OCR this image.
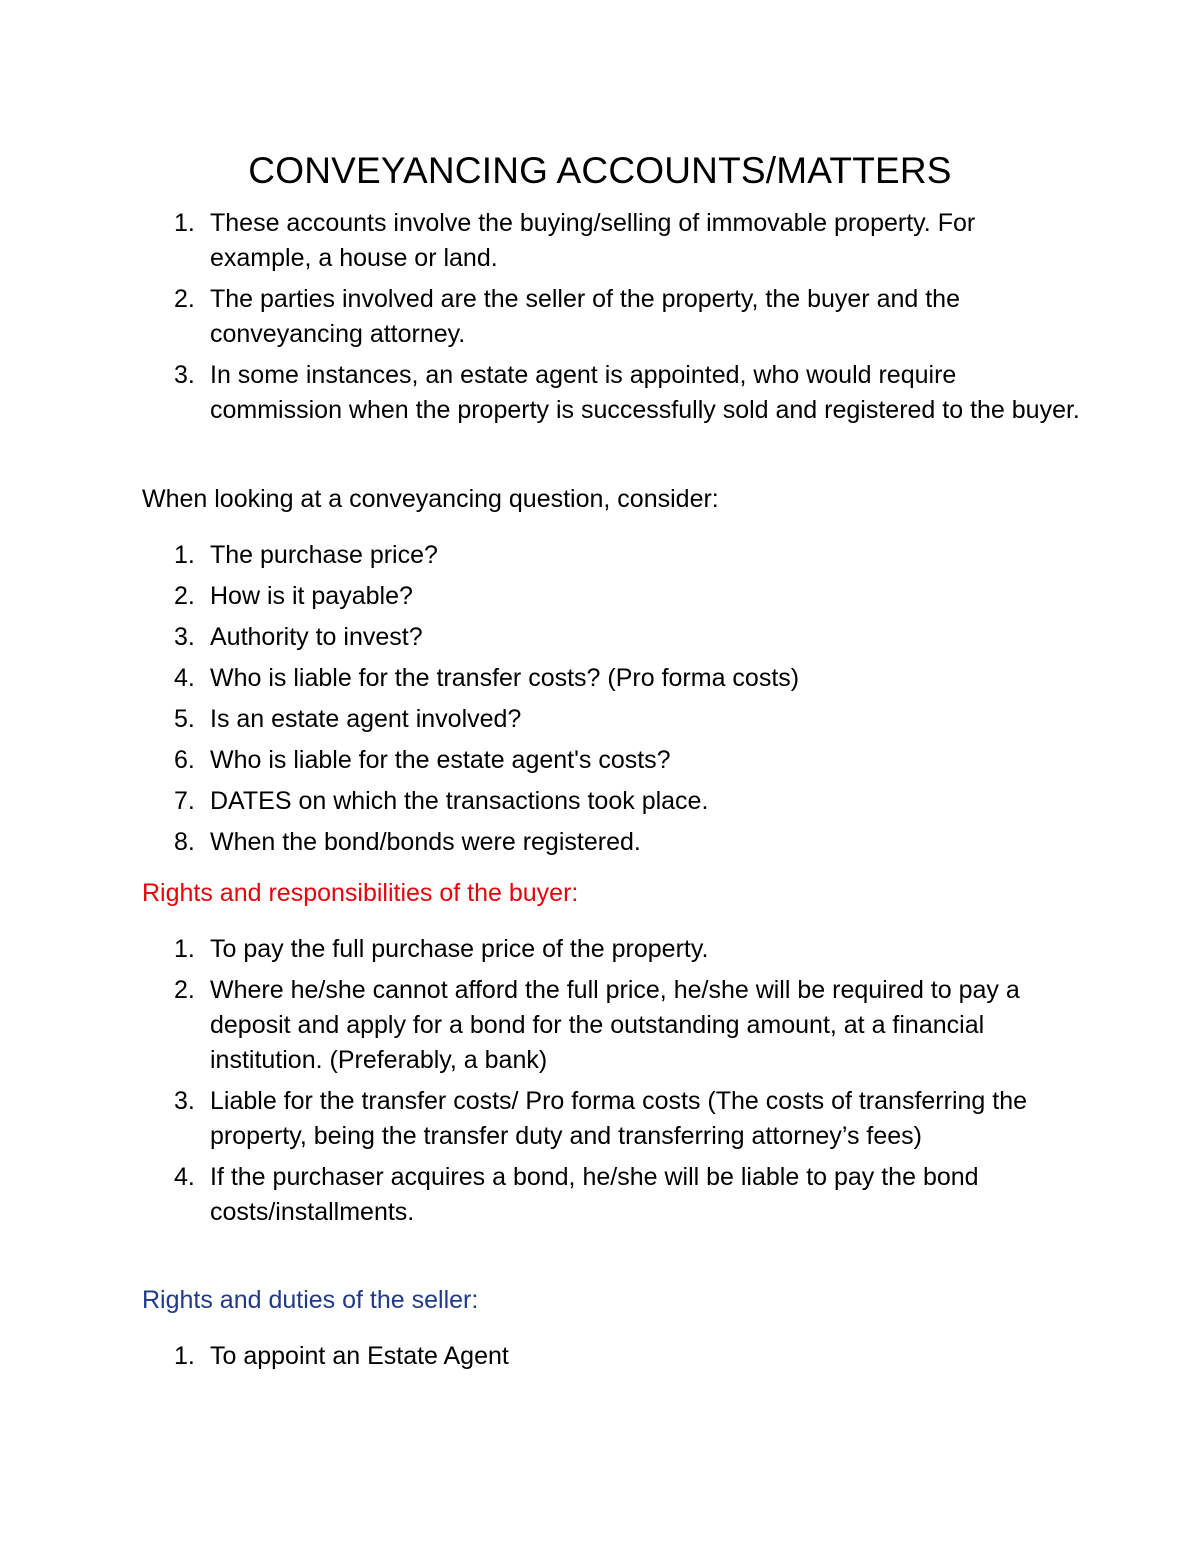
CONVEYANCING ACCOUNTS/MATTERS
1. These accounts involve the buying/selling of immovable property. For example, a house or land.
2. The parties involved are the seller of the property, the buyer and the conveyancing attorney.
3. In some instances, an estate agent is appointed, who would require commission when the property is successfully sold and registered to the buyer.

When looking at a conveyancing question, consider:

1. The purchase price?
2. How is it payable?
3. Authority to invest?
4. Who is liable for the transfer costs? (Pro forma costs)
5. Is an estate agent involved?
6. Who is liable for the estate agent's costs?
7. DATES on which the transactions took place.
8. When the bond/bonds were registered.

Rights and responsibilities of the buyer:

1. To pay the full purchase price of the property.
2. Where he/she cannot afford the full price, he/she will be required to pay a deposit and apply for a bond for the outstanding amount, at a financial institution. (Preferably, a bank)
3. Liable for the transfer costs/ Pro forma costs (The costs of transferring the property, being the transfer duty and transferring attorney’s fees)
4. If the purchaser acquires a bond, he/she will be liable to pay the bond costs/installments.

Rights and duties of the seller:

1. To appoint an Estate Agent
